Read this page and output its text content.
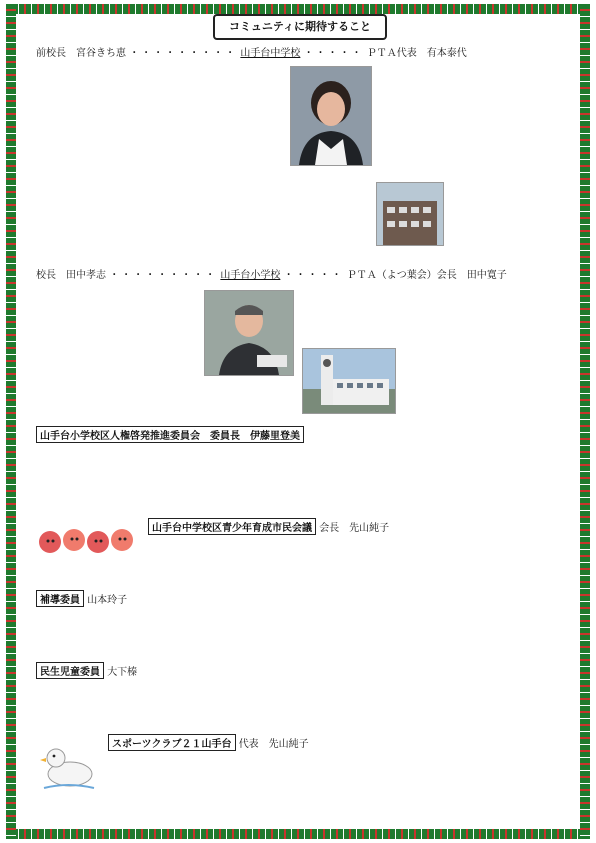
コミュニティに期待すること
前校長　宮谷きち恵 ・・・・・・・・・ 山手台中学校 ・・・・・ ＰＴＡ代表　有本泰代
校長　田中孝志 ・・・・・・・・・ 山手台小学校 ・・・・・ ＰＴＡ（よつ葉会）会長　田中寛子
山手台小学校区人権啓発推進委員会　委員長　伊藤里登美
山手台中学校区青少年育成市民会議 会長　先山純子
補導委員 山本玲子
民生児童委員 大下榛
スポーツクラブ２１山手台 代表　先山純子
